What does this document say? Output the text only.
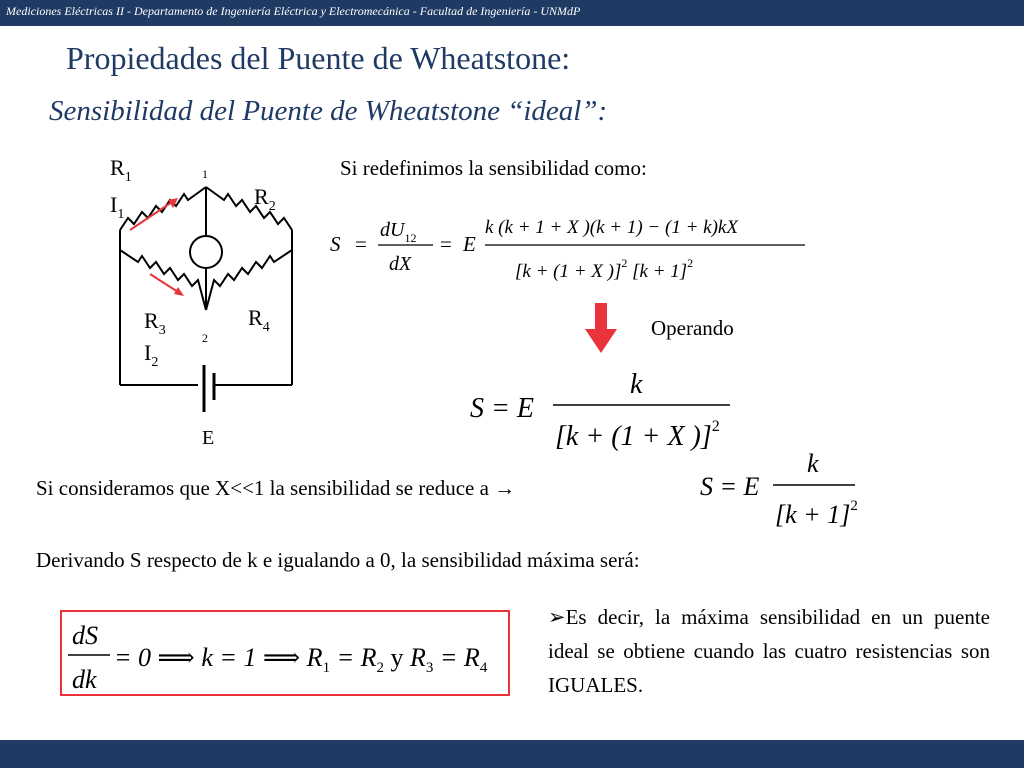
Mediciones Eléctricas II - Departamento de Ingeniería Eléctrica y Electromecánica - Facultad de Ingeniería - UNMdP
Propiedades del Puente de Wheatstone:
Sensibilidad del Puente de Wheatstone “ideal”:
$R_1$
$I_1$
$R_2$
$R_3$
$I_2$
$R_4$
1
2
E
Si redefinimos la sensibilidad como:
S =
$dU_{12}$
dX
= E
k (k + 1 + X )(k + 1) − (1 + k)kX
[k + (1 + X )]$^2$ $[k + 1]^2$
Operando
S = E
k
[k + (1 + X )]$^2$
Si consideramos que X<<1 la sensibilidad se reduce a →	S = E
k
$[k + 1]^2$
Derivando S respecto de k e igualando a 0, la sensibilidad máxima será:
dS
dk
= 0 ⟹ k = 1 ⟹ $R_1 = R_2$ y $R_3 = R_4$
➢Es decir, la máxima sensibilidad en un puente ideal se obtiene cuando las cuatro resistencias son IGUALES.
